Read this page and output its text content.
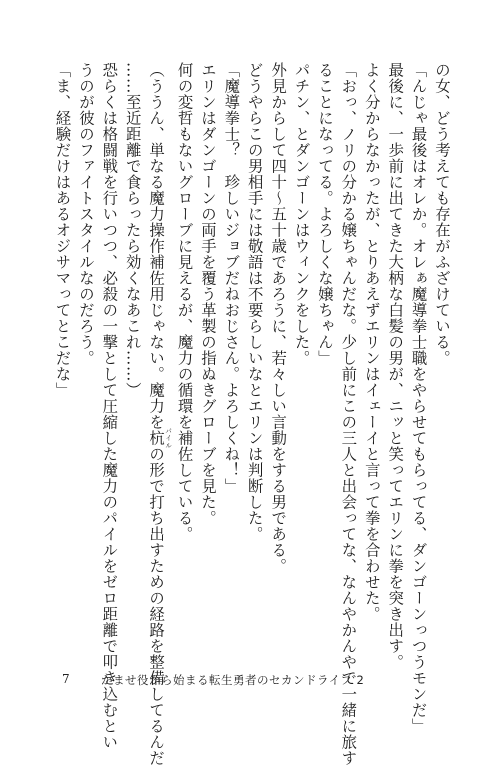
の女、どう考えても存在がふざけている。

「んじゃ最後はオレか。オレぁ魔導拳士職をやらせてもらってる、ダンゴーンっつうモンだ」

最後に、一歩前に出てきた大柄な白髪の男が、ニッと笑ってエリンに拳を突き出す。

よく分からなかったが、とりあえずエリンはイェーイと言って拳を合わせた。

「おっ、ノリの分かる嬢ちゃんだな。少し前にこの三人と出会ってな、なんやかんやで一緒に旅す

ることになってる。よろしくな嬢ちゃん」

パチン、とダンゴーンはウィンクをした。

外見からして四十～五十歳であろうに、若々しい言動をする男である。

どうやらこの男相手には敬語は不要らしいなとエリンは判断した。

「魔導拳士？　珍しいジョブだねおじさん。よろしくね！」

エリンはダンゴーンの両手を覆う革製の指ぬきグローブを見た。

何の変哲もないグローブに見えるが、魔力の循環を補佐している。

（ううん、単なる魔力操作補佐用じゃない。魔力を杭 パイルの形で打ち出すための経路を整備してるんだ

……至近距離で食らったら効くなあこれ……）

恐らくは格闘戦を行いつつ、必殺の一撃として圧縮した魔力のパイルをゼロ距離で叩き込むとい

うのが彼のファイトスタイルなのだろう。

「ま、経験だけはあるオジサマってとこだな」

7	かませ役から始まる転生勇者のセカンドライフ 2
